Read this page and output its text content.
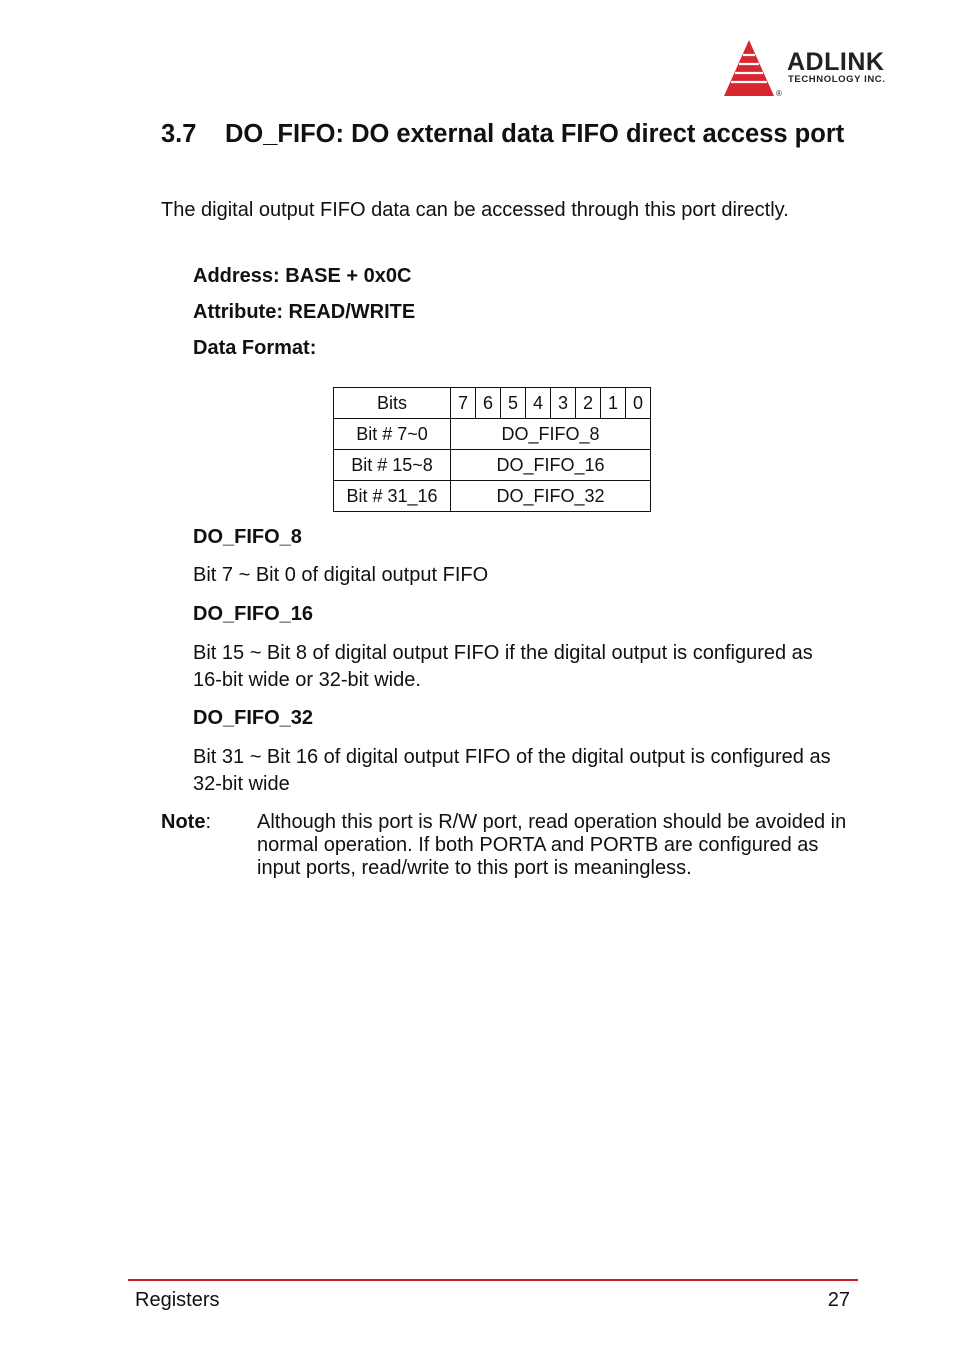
ADLINK
TECHNOLOGY INC.
®
3.7 DO_FIFO: DO external data FIFO direct access port
The digital output FIFO data can be accessed through this port directly.
Address: BASE + 0x0C
Attribute: READ/WRITE
Data Format:
Bits	7	6	5	4	3	2	1	0
Bit # 7~0	DO_FIFO_8							
Bit # 15~8	DO_FIFO_16							
Bit # 31_16	DO_FIFO_32							
DO_FIFO_8
Bit 7 ~ Bit 0 of digital output FIFO
DO_FIFO_16
Bit 15 ~ Bit 8 of digital output FIFO if the digital output is configured as 16-bit wide or 32-bit wide.
DO_FIFO_32
Bit 31 ~ Bit 16 of digital output FIFO of the digital output is configured as 32-bit wide
Note: Although this port is R/W port, read operation should be avoided in normal operation. If both PORTA and PORTB are configured as input ports, read/write to this port is meaningless.
Registers	27
